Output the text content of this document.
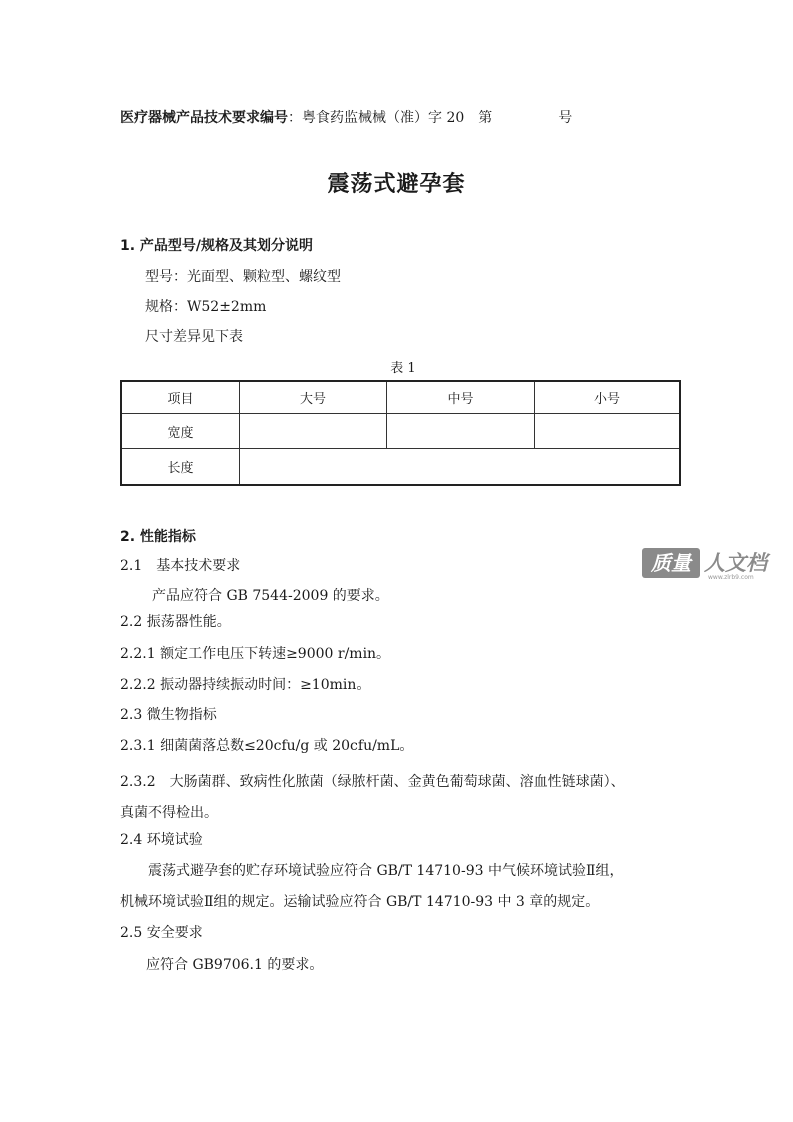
医疗器械产品技术要求编号：粤食药监械械（准）字 20　第	号
震荡式避孕套
1. 产品型号/规格及其划分说明
型号：光面型、颗粒型、螺纹型
规格：W52±2mm
尺寸差异见下表
表 1
项目	大号	中号	小号
宽度			
长度			
2. 性能指标
2.1　基本技术要求
产品应符合 GB 7544-2009 的要求。
2.2 振荡器性能。
2.2.1 额定工作电压下转速≥9000 r/min。
2.2.2 振动器持续振动时间：≥10min。
2.3 微生物指标
2.3.1 细菌菌落总数≤20cfu/g 或 20cfu/mL。
2.3.2　大肠菌群、致病性化脓菌（绿脓杆菌、金黄色葡萄球菌、溶血性链球菌）、
真菌不得检出。
2.4 环境试验
震荡式避孕套的贮存环境试验应符合 GB/T 14710-93 中气候环境试验Ⅱ组，
机械环境试验Ⅱ组的规定。运输试验应符合 GB/T 14710-93 中 3 章的规定。
2.5 安全要求
应符合 GB9706.1 的要求。
质量 人文档
www.zlrb9.com
